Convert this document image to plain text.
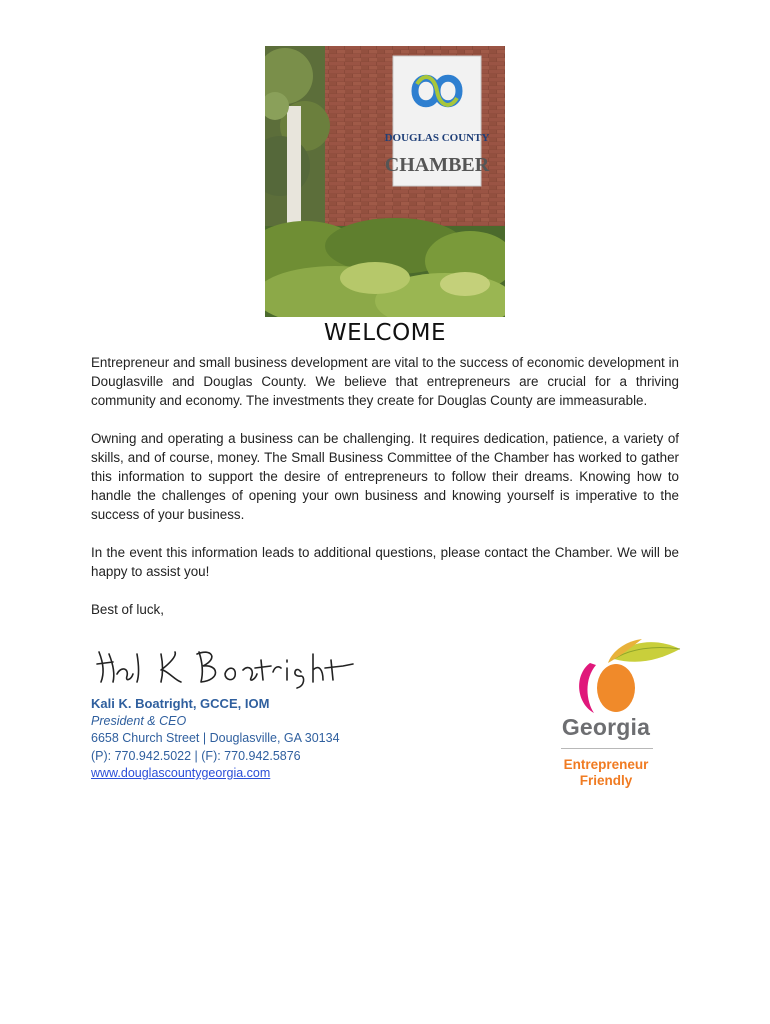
DOUGLAS COUNTY
CHAMBER
WELCOME

Entrepreneur and small business development are vital to the success of economic development in Douglasville and Douglas County. We believe that entrepreneurs are crucial for a thriving community and economy. The investments they create for Douglas County are immeasurable.

Owning and operating a business can be challenging. It requires dedication, patience, a variety of skills, and of course, money. The Small Business Committee of the Chamber has worked to gather this information to support the desire of entrepreneurs to follow their dreams. Knowing how to handle the challenges of opening your own business and knowing yourself is imperative to the success of your business.

In the event this information leads to additional questions, please contact the Chamber. We will be happy to assist you!

Best of luck,

Kali K. Boatright, GCCE, IOM
President & CEO
6658 Church Street | Douglasville, GA 30134
(P): 770.942.5022 | (F): 770.942.5876
www.douglascountygeorgia.com
Georgia
Entrepreneur
Friendly
